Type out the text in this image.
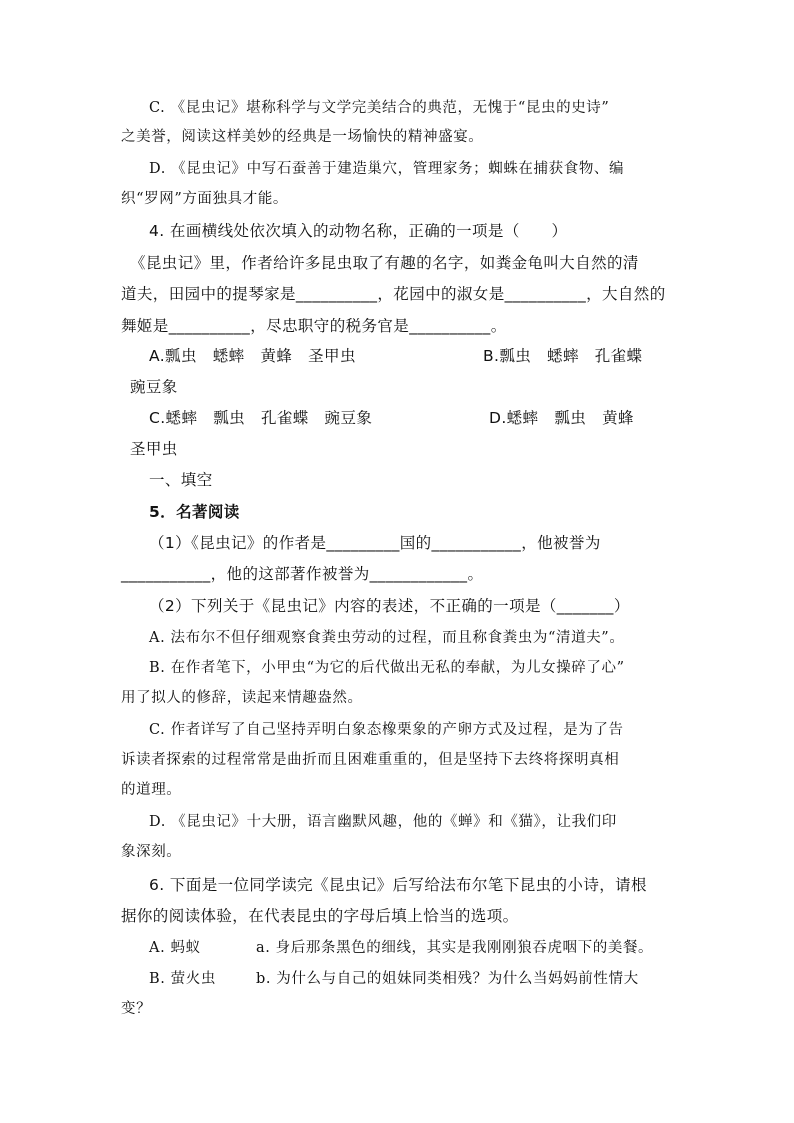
C. 《昆虫记》堪称科学与文学完美结合的典范，无愧于“昆虫的史诗”
之美誉，阅读这样美妙的经典是一场愉快的精神盛宴。
D. 《昆虫记》中写石蚕善于建造巢穴，管理家务；蜘蛛在捕获食物、编
织“罗网”方面独具才能。
4. 在画横线处依次填入的动物名称，正确的一项是（　　）
《昆虫记》里，作者给许多昆虫取了有趣的名字，如粪金龟叫大自然的清
道夫，田园中的提琴家是__________，花园中的淑女是__________，大自然的
舞姬是__________，尽忠职守的税务官是__________。
A.瓢虫　蟋蟀　黄蜂　圣甲虫	B.瓢虫　蟋蟀　孔雀蝶
豌豆象
C.蟋蟀　瓢虫　孔雀蝶　豌豆象	D.蟋蟀　瓢虫　黄蜂
圣甲虫
一、填空
5．名著阅读
（1）《昆虫记》的作者是_________国的___________，他被誉为
___________，他的这部著作被誉为____________。
（2）下列关于《昆虫记》内容的表述，不正确的一项是（_______）
A. 法布尔不但仔细观察食粪虫劳动的过程，而且称食粪虫为“清道夫”。
B. 在作者笔下，小甲虫“为它的后代做出无私的奉献，为儿女操碎了心”
用了拟人的修辞，读起来情趣盎然。
C. 作者详写了自己坚持弄明白象态橡栗象的产卵方式及过程，是为了告
诉读者探索的过程常常是曲折而且困难重重的，但是坚持下去终将探明真相
的道理。
D. 《昆虫记》十大册，语言幽默风趣，他的《蝉》和《猫》，让我们印
象深刻。
6. 下面是一位同学读完《昆虫记》后写给法布尔笔下昆虫的小诗，请根
据你的阅读体验，在代表昆虫的字母后填上恰当的选项。
A. 蚂蚁	a. 身后那条黑色的细线，其实是我刚刚狼吞虎咽下的美餐。
B. 萤火虫	b. 为什么与自己的姐妹同类相残？为什么当妈妈前性情大
变？
